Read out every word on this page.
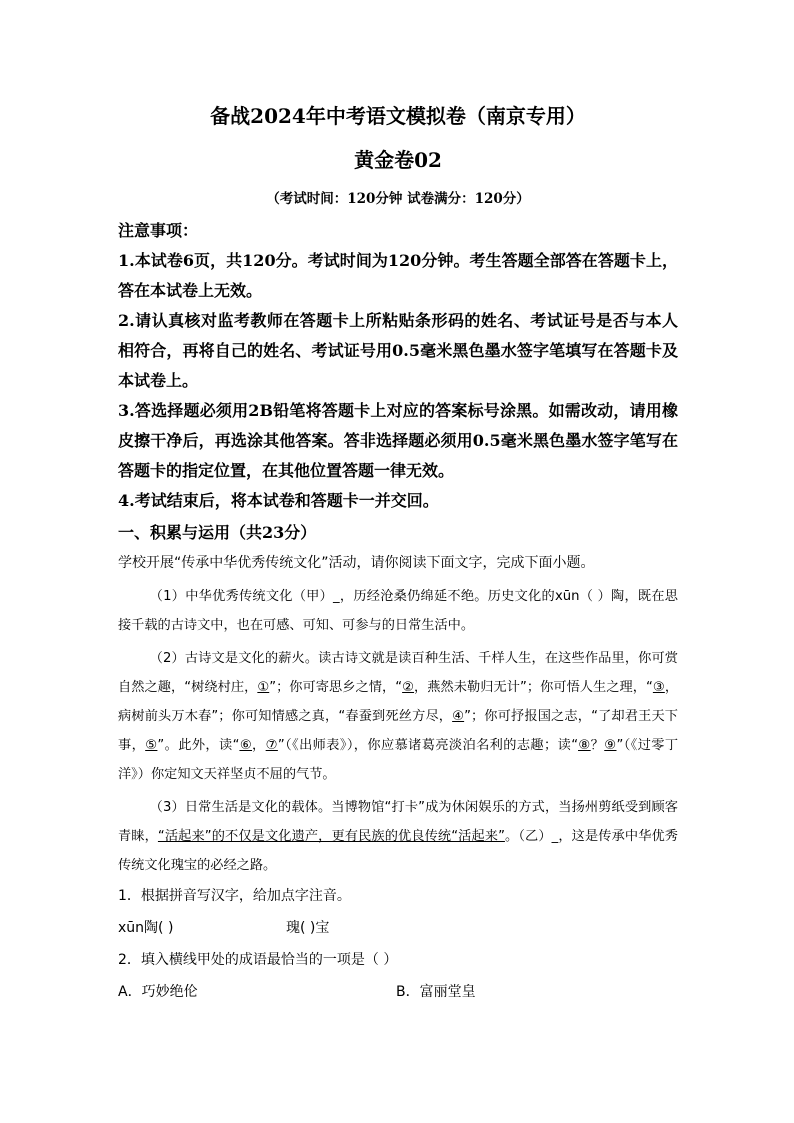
备战2024年中考语文模拟卷（南京专用）
黄金卷02
（考试时间：120分钟 试卷满分：120分）
注意事项：
1.本试卷6页，共120分。考试时间为120分钟。考生答题全部答在答题卡上，答在本试卷上无效。
2.请认真核对监考教师在答题卡上所粘贴条形码的姓名、考试证号是否与本人相符合，再将自己的姓名、考试证号用0.5毫米黑色墨水签字笔填写在答题卡及本试卷上。
3.答选择题必须用2B铅笔将答题卡上对应的答案标号涂黑。如需改动，请用橡皮擦干净后，再选涂其他答案。答非选择题必须用0.5毫米黑色墨水签字笔写在答题卡的指定位置，在其他位置答题一律无效。
4.考试结束后，将本试卷和答题卡一并交回。
一、积累与运用（共23分）
学校开展“传承中华优秀传统文化”活动，请你阅读下面文字，完成下面小题。

（1）中华优秀传统文化（甲）_，历经沧桑仍绵延不绝。历史文化的xūn（ ）陶，既在思接千载的古诗文中，也在可感、可知、可参与的日常生活中。

（2）古诗文是文化的薪火。读古诗文就是读百种生活、千样人生，在这些作品里，你可赏自然之趣，“树绕村庄，①”；你可寄思乡之情，“②，燕然未勒归无计”；你可悟人生之理，“③，病树前头万木春”；你可知情感之真，“春蚕到死丝方尽，④”；你可抒报国之志，“了却君王天下事，⑤”。此外，读“⑥，⑦”（《出师表》），你应慕诸葛亮淡泊名利的志趣；读“⑧？⑨”（《过零丁洋》）你定知文天祥坚贞不屈的气节。

（3）日常生活是文化的载体。当博物馆“打卡”成为休闲娱乐的方式，当扬州剪纸受到顾客青睐，“活起来”的不仅是文化遗产，更有民族的优良传统“活起来”。（乙）_，这是传承中华优秀传统文化瑰宝的必经之路。

1．根据拼音写汉字，给加点字注音。
xūn陶( )	瑰( )宝
2．填入横线甲处的成语最恰当的一项是（ ）
A．巧妙绝伦	B．富丽堂皇
